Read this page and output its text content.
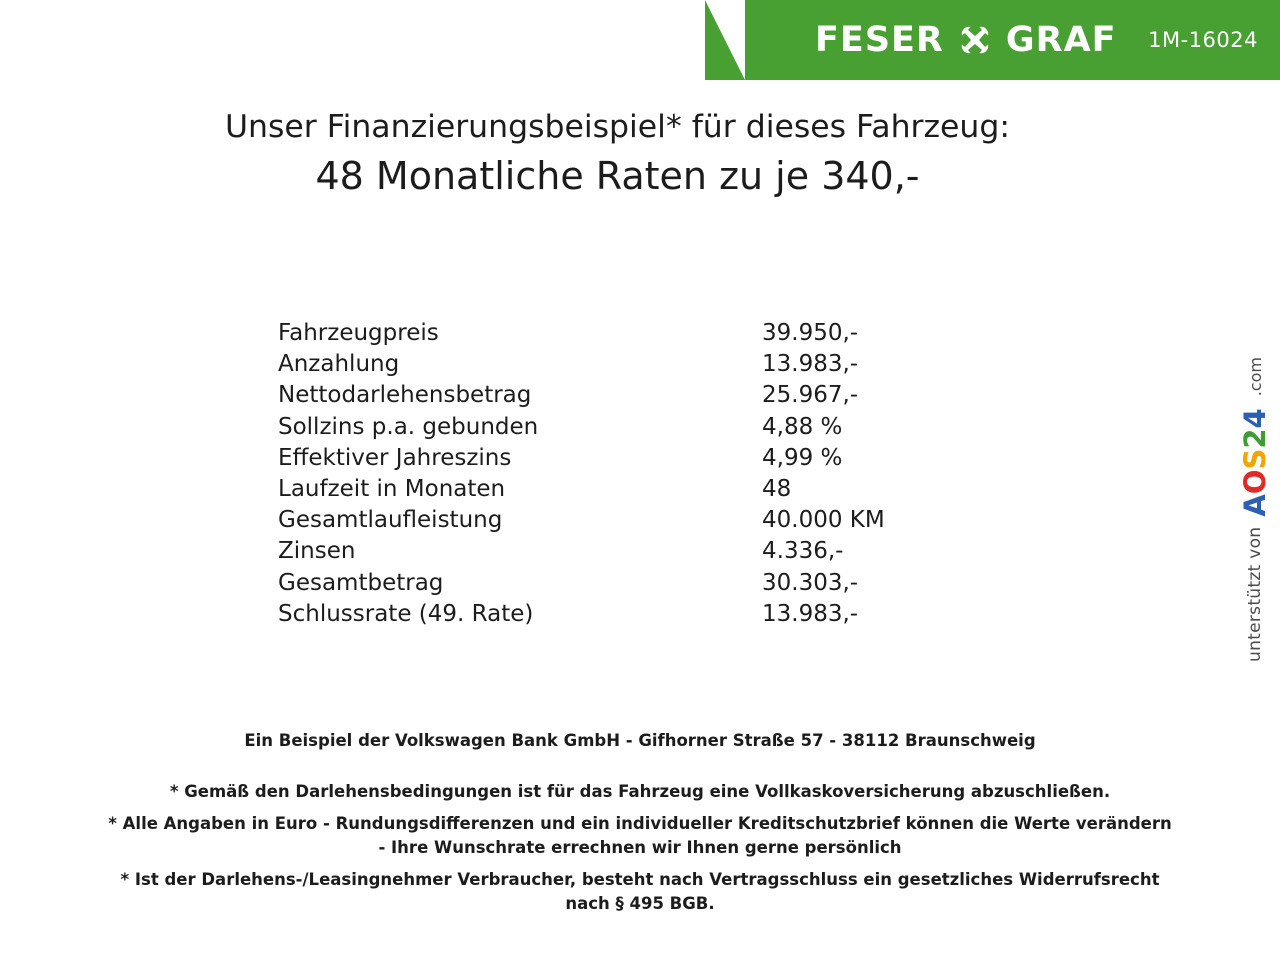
FESER GRAF 1M-16024
Unser Finanzierungsbeispiel* für dieses Fahrzeug:
48 Monatliche Raten zu je 340,-
Fahrzeugpreis	39.950,-
Anzahlung	13.983,-
Nettodarlehensbetrag	25.967,-
Sollzins p.a. gebunden	4,88 %
Effektiver Jahreszins	4,99 %
Laufzeit in Monaten	48
Gesamtlaufleistung	40.000 KM
Zinsen	4.336,-
Gesamtbetrag	30.303,-
Schlussrate (49. Rate)	13.983,-
Ein Beispiel der Volkswagen Bank GmbH - Gifhorner Straße 57 - 38112 Braunschweig

* Gemäß den Darlehensbedingungen ist für das Fahrzeug eine Vollkaskoversicherung abzuschließen.

* Alle Angaben in Euro - Rundungsdifferenzen und ein individueller Kreditschutzbrief können die Werte verändern
- Ihre Wunschrate errechnen wir Ihnen gerne persönlich

* Ist der Darlehens-/Leasingnehmer Verbraucher, besteht nach Vertragsschluss ein gesetzliches Widerrufsrecht
nach § 495 BGB.

unterstützt von
AOS24
.com
